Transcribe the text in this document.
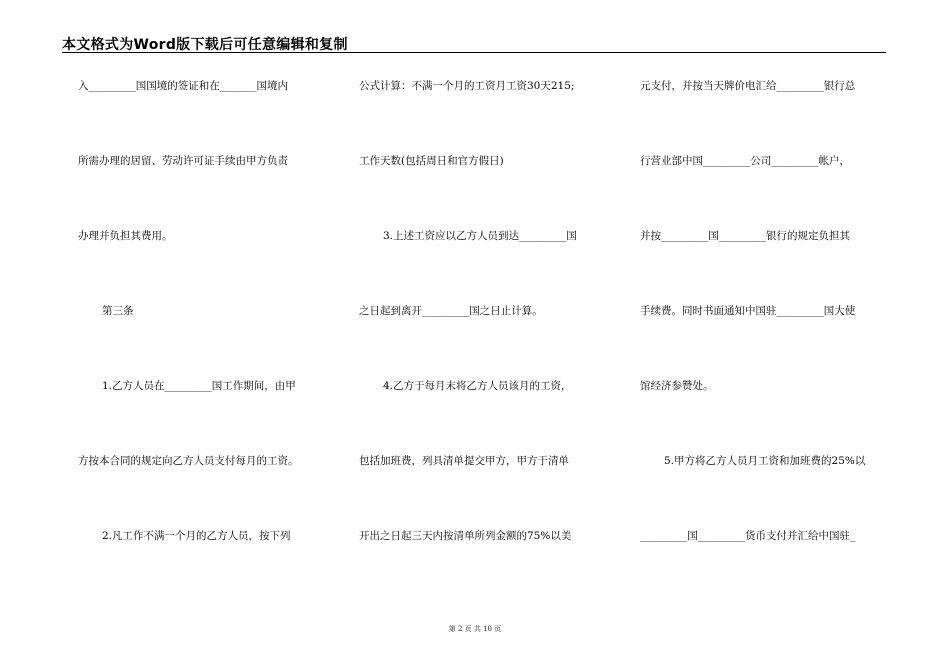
本文格式为Word版下载后可任意编辑和复制
入_________国国境的签证和在_______国境内
所需办理的居留、劳动许可证手续由甲方负责
办理并负担其费用。
第三条
1.乙方人员在_________国工作期间，由甲
方按本合同的规定向乙方人员支付每月的工资。
2.凡工作不满一个月的乙方人员，按下列
公式计算：不满一个月的工资月工资30天215;
工作天数(包括周日和官方假日)
3.上述工资应以乙方人员到达_________国
之日起到离开_________国之日止计算。
4.乙方于每月末将乙方人员该月的工资，
包括加班费，列具清单提交甲方，甲方于清单
开出之日起三天内按清单所列金额的75%以美
元支付，并按当天牌价电汇给_________银行总
行营业部中国_________公司_________帐户，
并按_________国_________银行的规定负担其
手续费。同时书面通知中国驻_________国大使
馆经济参赞处。
5.甲方将乙方人员月工资和加班费的25%以
_________国_________货币支付并汇给中国驻_
第 2 页 共 10 页
